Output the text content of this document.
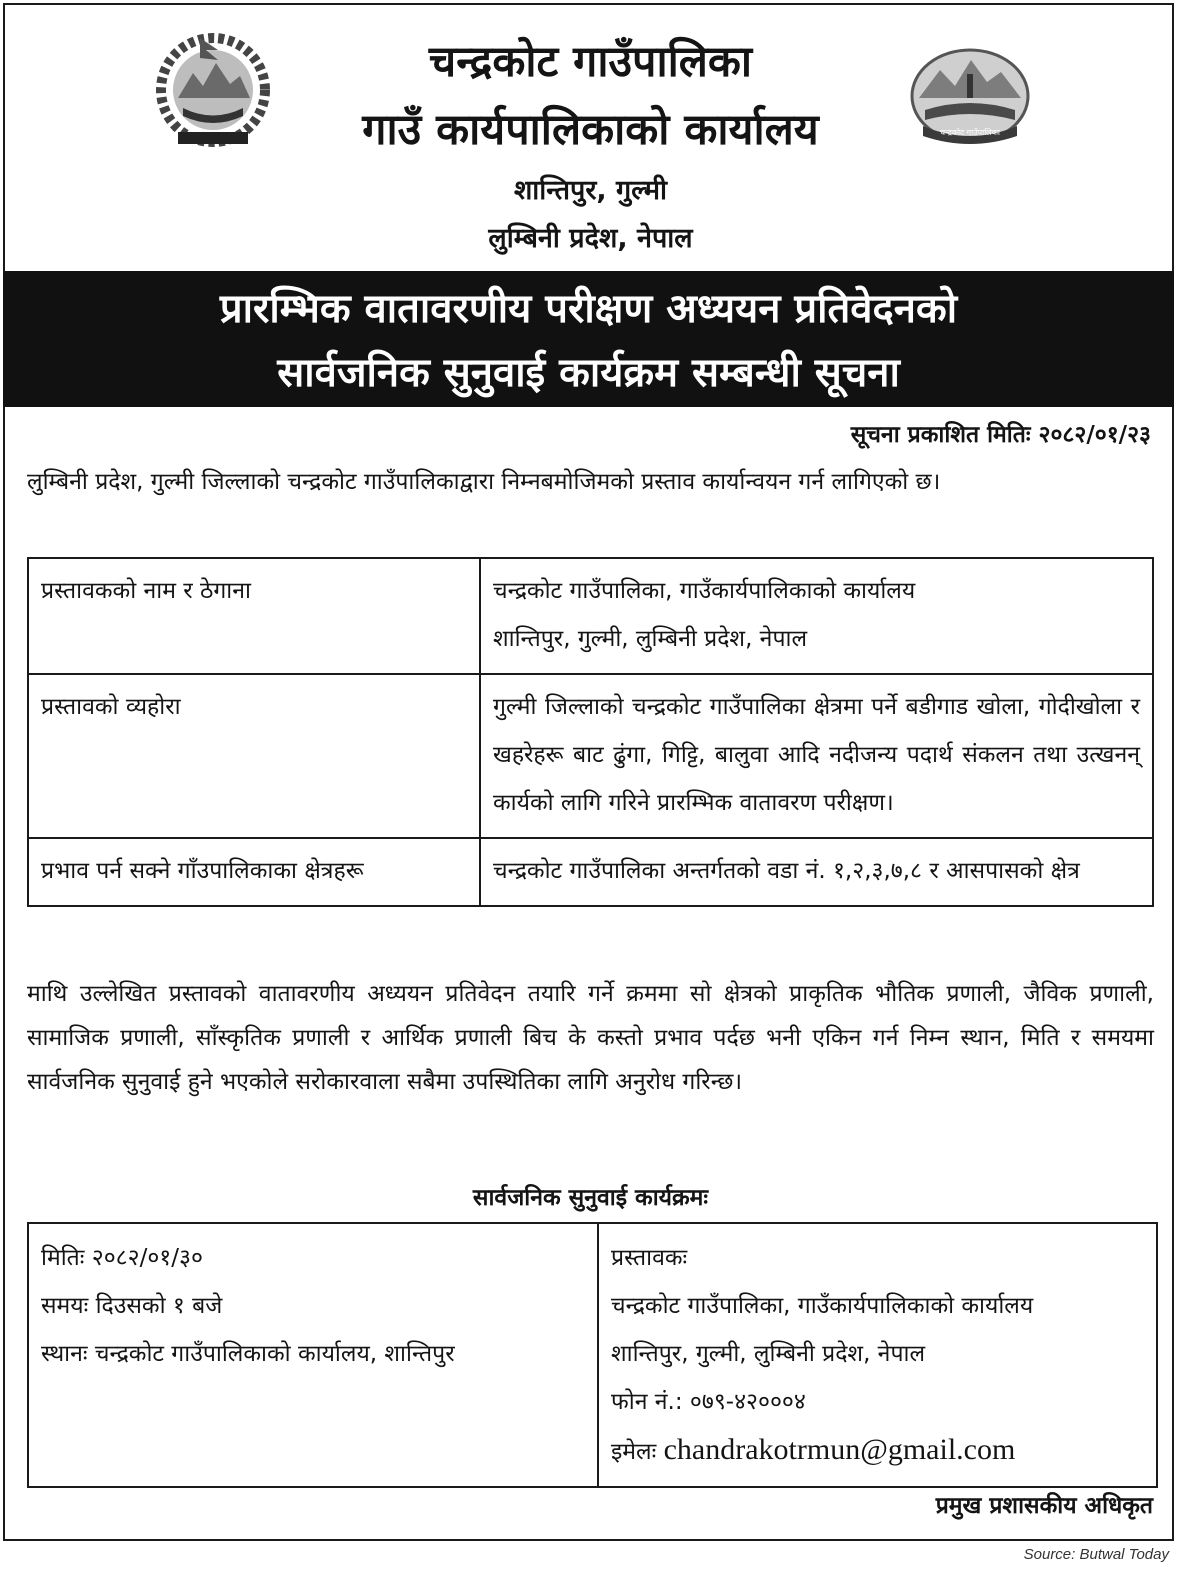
चन्द्रकोट गाउँपालिका
चन्द्रकोट गाउँपालिका
गाउँ कार्यपालिकाको कार्यालय
शान्तिपुर, गुल्मी
लुम्बिनी प्रदेश, नेपाल
प्रारम्भिक वातावरणीय परीक्षण अध्ययन प्रतिवेदनको
सार्वजनिक सुनुवाई कार्यक्रम सम्बन्धी सूचना
सूचना प्रकाशित मितिः २०८२/०१/२३
लुम्बिनी प्रदेश, गुल्मी जिल्लाको चन्द्रकोट गाउँपालिकाद्वारा निम्नबमोजिमको प्रस्ताव कार्यान्वयन गर्न लागिएको छ।
प्रस्तावकको नाम र ठेगाना	चन्द्रकोट गाउँपालिका, गाउँकार्यपालिकाको कार्यालय
शान्तिपुर, गुल्मी, लुम्बिनी प्रदेश, नेपाल

प्रस्तावको व्यहोरा	गुल्मी जिल्लाको चन्द्रकोट गाउँपालिका क्षेत्रमा पर्ने बडीगाड खोला, गोदीखोला र खहरेहरू बाट ढुंगा, गिट्टि, बालुवा आदि नदीजन्य पदार्थ संकलन तथा उत्खनन् कार्यको लागि गरिने प्रारम्भिक वातावरण परीक्षण।
प्रभाव पर्न सक्ने गाँउपालिकाका क्षेत्रहरू	चन्द्रकोट गाउँपालिका अन्तर्गतको वडा नं. १,२,३,७,८ र आसपासको क्षेत्र
माथि उल्लेखित प्रस्तावको वातावरणीय अध्ययन प्रतिवेदन तयारि गर्ने क्रममा सो क्षेत्रको प्राकृतिक भौतिक प्रणाली, जैविक प्रणाली, सामाजिक प्रणाली, साँस्कृतिक प्रणाली र आर्थिक प्रणाली बिच के कस्तो प्रभाव पर्दछ भनी एकिन गर्न निम्न स्थान, मिति र समयमा सार्वजनिक सुनुवाई हुने भएकोले सरोकारवाला सबैमा उपस्थितिका लागि अनुरोध गरिन्छ।
सार्वजनिक सुनुवाई कार्यक्रमः
मितिः २०८२/०१/३०
समयः दिउसको १ बजे
स्थानः चन्द्रकोट गाउँपालिकाको कार्यालय, शान्तिपुर

प्रस्तावकः
चन्द्रकोट गाउँपालिका, गाउँकार्यपालिकाको कार्यालय
शान्तिपुर, गुल्मी, लुम्बिनी प्रदेश, नेपाल
फोन नं.: ०७९-४२०००४
इमेलः chandrakotrmun@gmail.com
प्रमुख प्रशासकीय अधिकृत
Source: Butwal Today
